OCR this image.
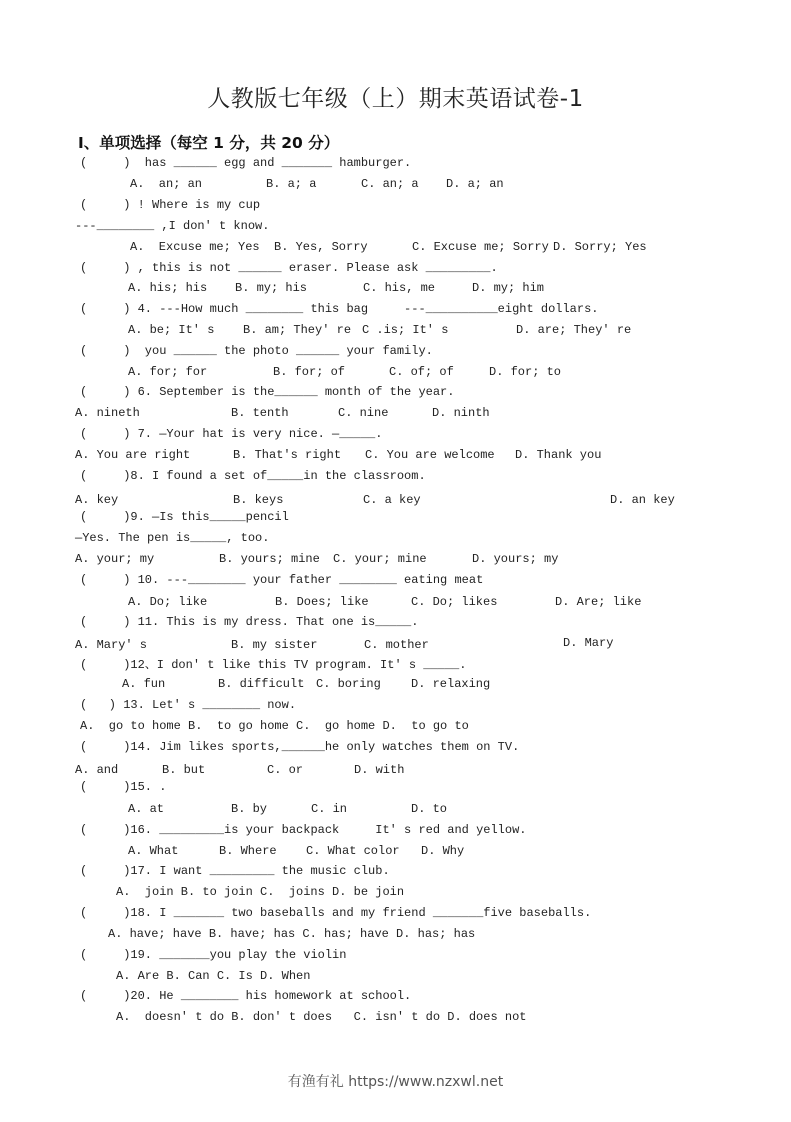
人教版七年级（上）期末英语试卷-1
I、单项选择（每空 1 分，共 20 分）
(     )  has ______ egg and _______ hamburger.
A.  an; an	B. a; a	C. an; a D. a; an
(     ) ! Where is my cup
---________ ,I don' t know.
A.  Excuse me; Yes B. Yes, Sorry	C. Excuse me; Sorry D. Sorry; Yes
(     ) , this is not ______ eraser. Please ask _________.
A. his; his B. my; his	C. his, me	D. my; him
(     ) 4. ---How much ________ this bag     ---__________eight dollars.
A. be; It' s B. am; They' re C .is; It' s	D. are; They' re
(     )  you ______ the photo ______ your family.
A. for; for	B. for; of	C. of; of	D. for; to
(     ) 6. September is the______ month of the year.
A. nineth	B. tenth	C. nine	D. ninth
(     ) 7. —Your hat is very nice. —_____.
A. You are right	B. That's right C. You are welcome D. Thank you
(     )8. I found a set of_____in the classroom.
A. key	B. keys	C. a key	D. an key
(     )9. —Is this_____pencil
—Yes. The pen is_____, too.
A. your; my	B. yours; mine C. your; mine	D. yours; my
(     ) 10. ---________ your father ________ eating meat
A. Do; like	B. Does; like	C. Do; likes	D. Are; like
(     ) 11. This is my dress. That one is_____.
A. Mary' s	B. my sister	C. mother	D. Mary
(     )12、I don' t like this TV program. It' s _____.
A. fun	B. difficult C. boring	D. relaxing
(   ) 13. Let' s ________ now.
A.  go to home B.  to go home C.  go home D.  to go to
(     )14. Jim likes sports,______he only watches them on TV.
A. and	B. but	C. or	D. with
(     )15. .
A. at	B. by	C. in	D. to
(     )16. _________is your backpack     It' s red and yellow.
A. What	B. Where C. What color D. Why
(     )17. I want _________ the music club.
A.  join B. to join C.  joins D. be join
(     )18. I _______ two baseballs and my friend _______five baseballs.
A. have; have B. have; has C. has; have D. has; has
(     )19. _______you play the violin
A. Are B. Can C. Is D. When
(     )20. He ________ his homework at school.
A.  doesn' t do B. don' t does   C. isn' t do D. does not
有渔有礼 https://www.nzxwl.net
